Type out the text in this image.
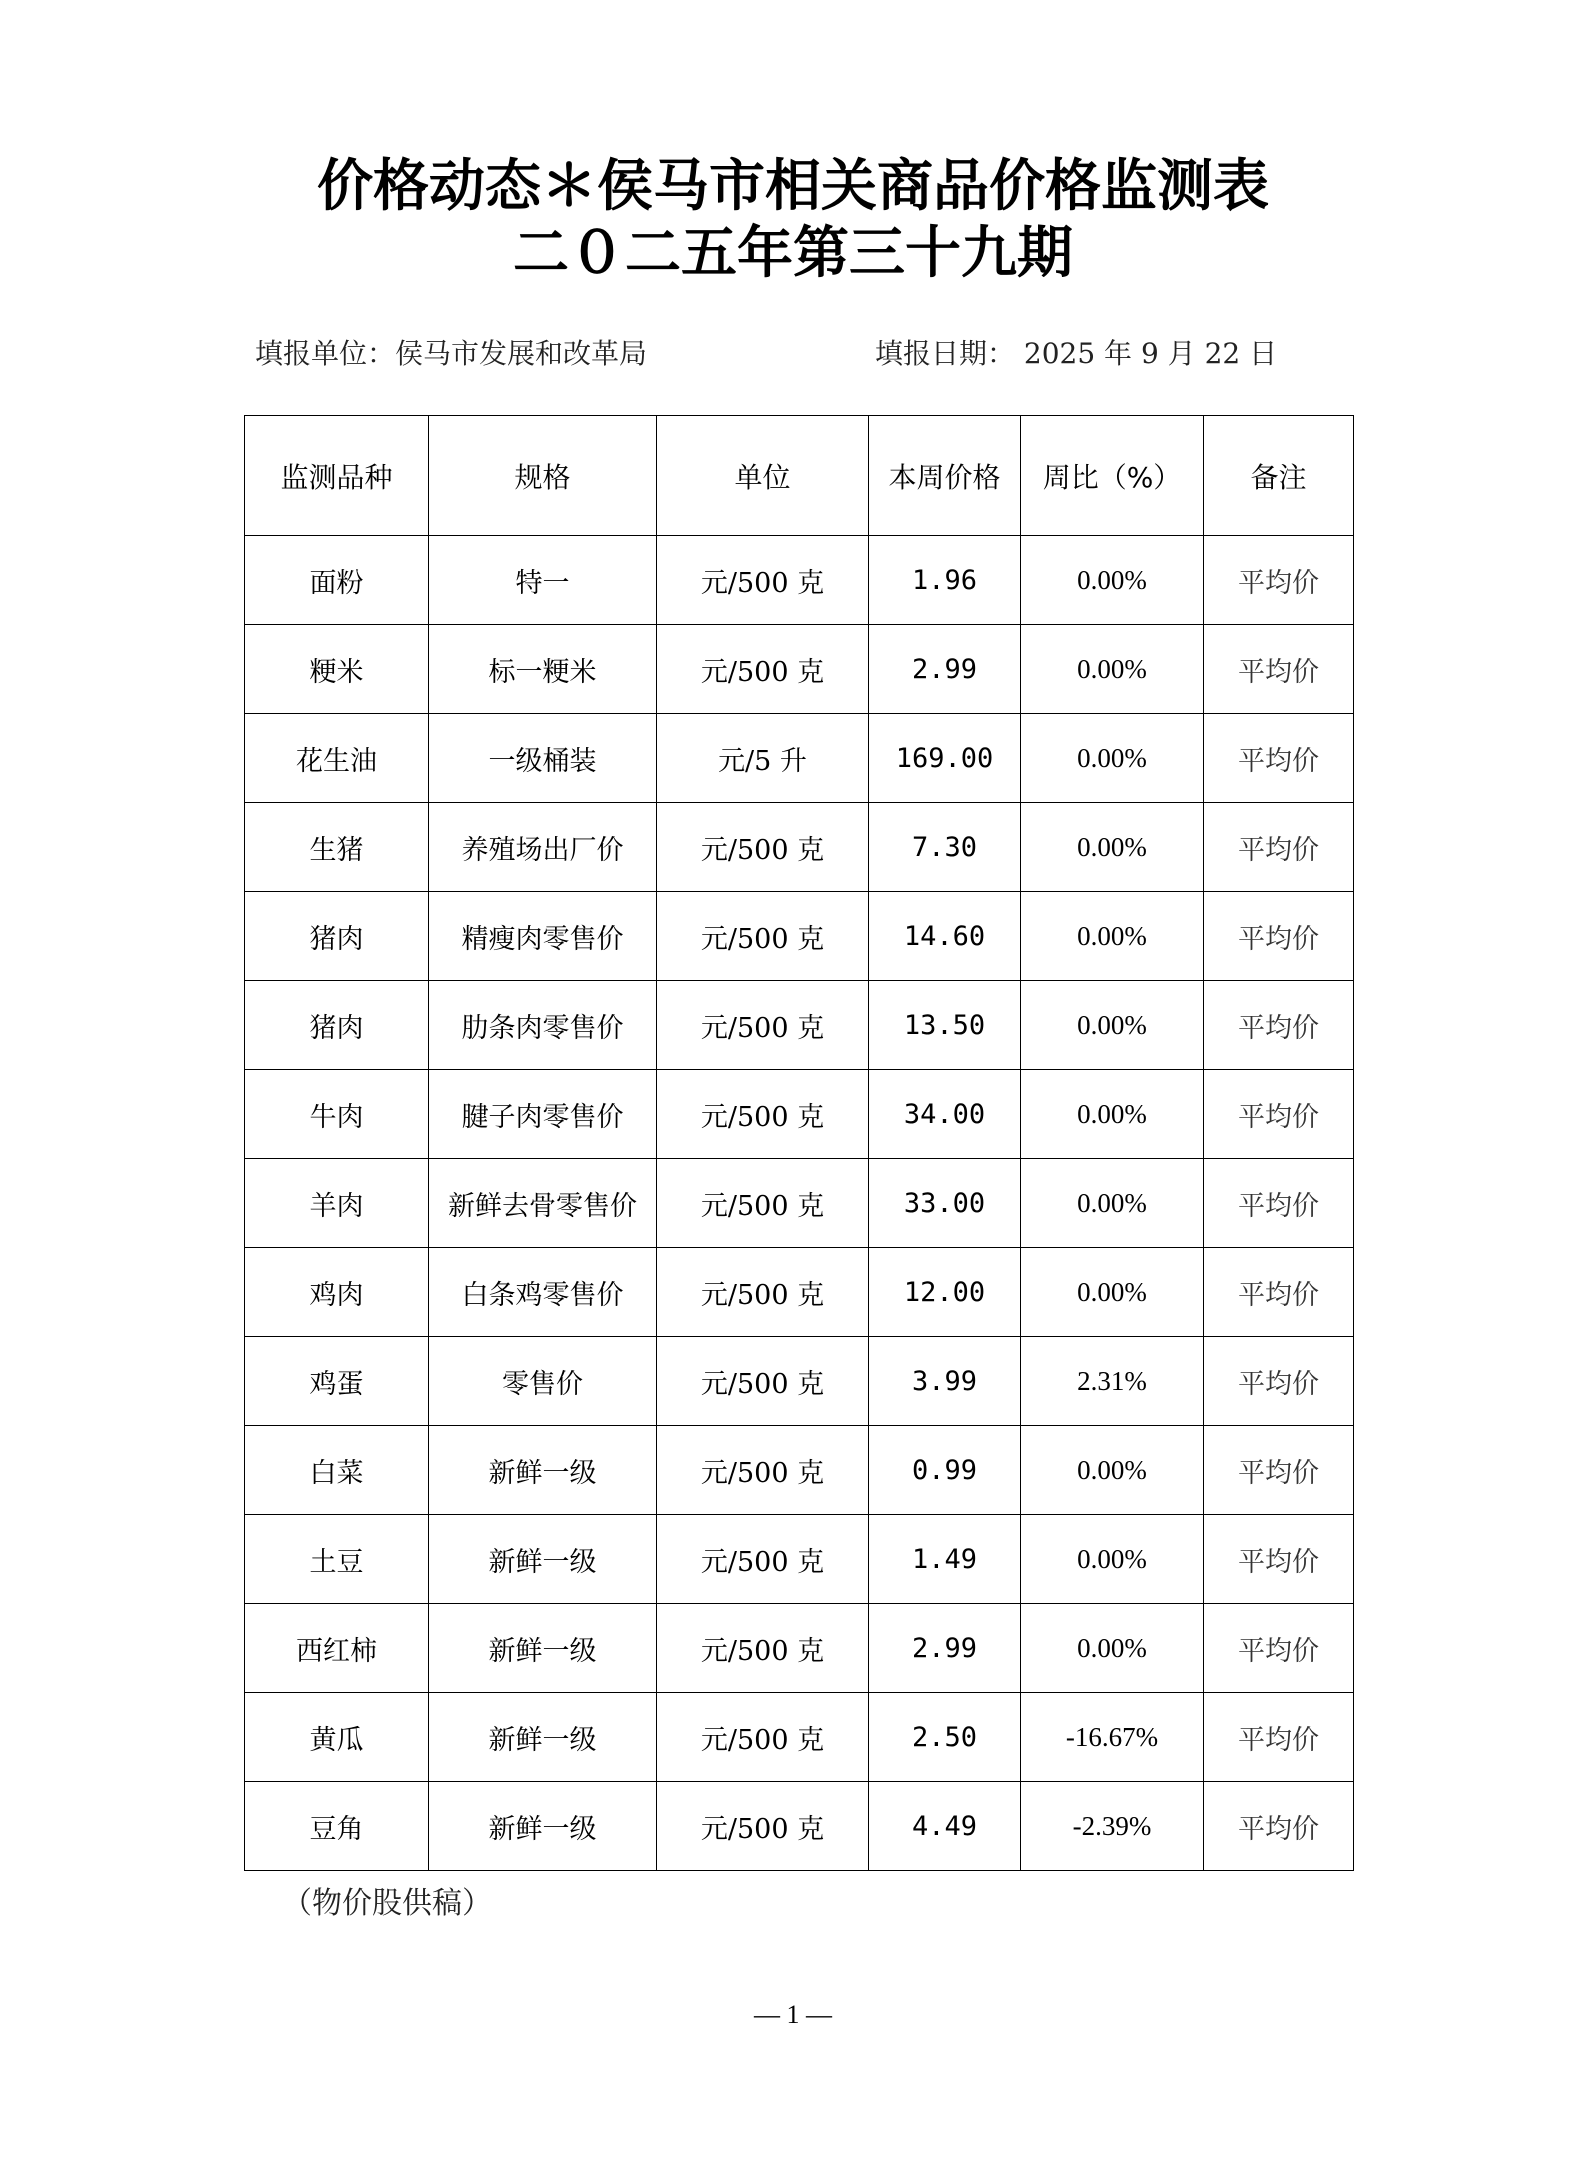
价格动态＊侯马市相关商品价格监测表
二０二五年第三十九期
填报单位：侯马市发展和改革局	填报日期： 2025 年 9 月 22 日
监测品种	规格	单位	本周价格	周比（%）	备注
面粉	特一	元/500 克	1.96	0.00%	平均价
粳米	标一粳米	元/500 克	2.99	0.00%	平均价
花生油	一级桶装	元/5 升	169.00	0.00%	平均价
生猪	养殖场出厂价	元/500 克	7.30	0.00%	平均价
猪肉	精瘦肉零售价	元/500 克	14.60	0.00%	平均价
猪肉	肋条肉零售价	元/500 克	13.50	0.00%	平均价
牛肉	腱子肉零售价	元/500 克	34.00	0.00%	平均价
羊肉	新鲜去骨零售价	元/500 克	33.00	0.00%	平均价
鸡肉	白条鸡零售价	元/500 克	12.00	0.00%	平均价
鸡蛋	零售价	元/500 克	3.99	2.31%	平均价
白菜	新鲜一级	元/500 克	0.99	0.00%	平均价
土豆	新鲜一级	元/500 克	1.49	0.00%	平均价
西红柿	新鲜一级	元/500 克	2.99	0.00%	平均价
黄瓜	新鲜一级	元/500 克	2.50	-16.67%	平均价
豆角	新鲜一级	元/500 克	4.49	-2.39%	平均价
（物价股供稿）
— 1 —
